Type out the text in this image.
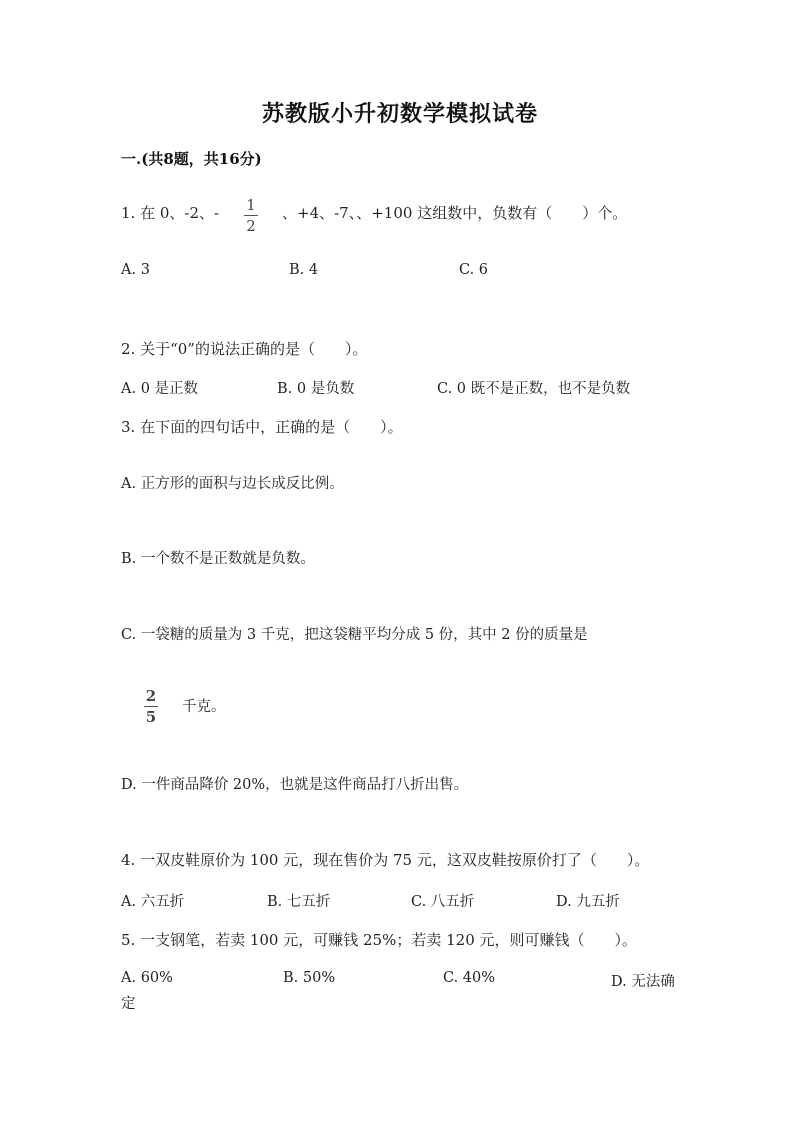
苏教版小升初数学模拟试卷
一.(共8题，共16分)
1. 在 0、-2、- 1
2
、+4、-7、、+100 这组数中，负数有（　　）个。
A. 3	B. 4	C. 6
2. 关于“0”的说法正确的是（　　）。
A. 0 是正数	B. 0 是负数	C. 0 既不是正数，也不是负数
3. 在下面的四句话中，正确的是（　　）。
A. 正方形的面积与边长成反比例。
B. 一个数不是正数就是负数。
C. 一袋糖的质量为 3 千克，把这袋糖平均分成 5 份，其中 2 份的质量是
2
5
千克。
D. 一件商品降价 20%，也就是这件商品打八折出售。
4. 一双皮鞋原价为 100 元，现在售价为 75 元，这双皮鞋按原价打了（　　）。
A. 六五折	B. 七五折	C. 八五折	D. 九五折
5. 一支钢笔，若卖 100 元，可赚钱 25%；若卖 120 元，则可赚钱（　　）。
A. 60%	B. 50%	C. 40%	D. 无法确
定
